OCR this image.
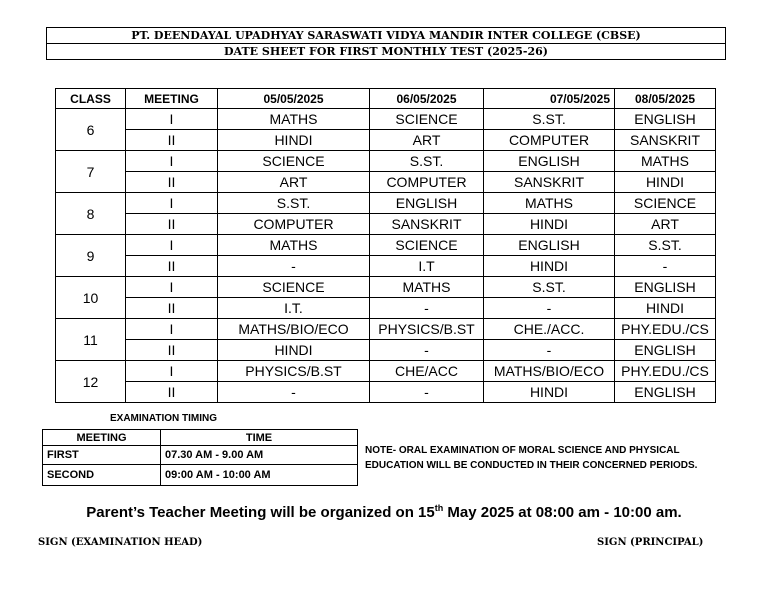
PT. DEENDAYAL UPADHYAY SARASWATI VIDYA MANDIR INTER COLLEGE (CBSE)
DATE SHEET FOR FIRST MONTHLY TEST (2025-26)
CLASS	MEETING	05/05/2025	06/05/2025	07/05/2025	08/05/2025
6	I	MATHS	SCIENCE	S.ST.	ENGLISH
	II	HINDI	ART	COMPUTER	SANSKRIT
7	I	SCIENCE	S.ST.	ENGLISH	MATHS
	II	ART	COMPUTER	SANSKRIT	HINDI
8	I	S.ST.	ENGLISH	MATHS	SCIENCE
	II	COMPUTER	SANSKRIT	HINDI	ART
9	I	MATHS	SCIENCE	ENGLISH	S.ST.
	II	-	I.T	HINDI	-
10	I	SCIENCE	MATHS	S.ST.	ENGLISH
	II	I.T.	-	-	HINDI
11	I	MATHS/BIO/ECO	PHYSICS/B.ST	CHE./ACC.	PHY.EDU./CS
	II	HINDI	-	-	ENGLISH
12	I	PHYSICS/B.ST	CHE/ACC	MATHS/BIO/ECO	PHY.EDU./CS
	II	-	-	HINDI	ENGLISH
EXAMINATION TIMING
MEETING	TIME
FIRST	07.30 AM - 9.00 AM
SECOND	09:00 AM - 10:00 AM
NOTE- ORAL EXAMINATION OF MORAL SCIENCE AND PHYSICAL
EDUCATION WILL BE CONDUCTED IN THEIR CONCERNED PERIODS.
Parent’s Teacher Meeting will be organized on 15th May 2025 at 08:00 am - 10:00 am.
SIGN (EXAMINATION HEAD)	SIGN (PRINCIPAL)
